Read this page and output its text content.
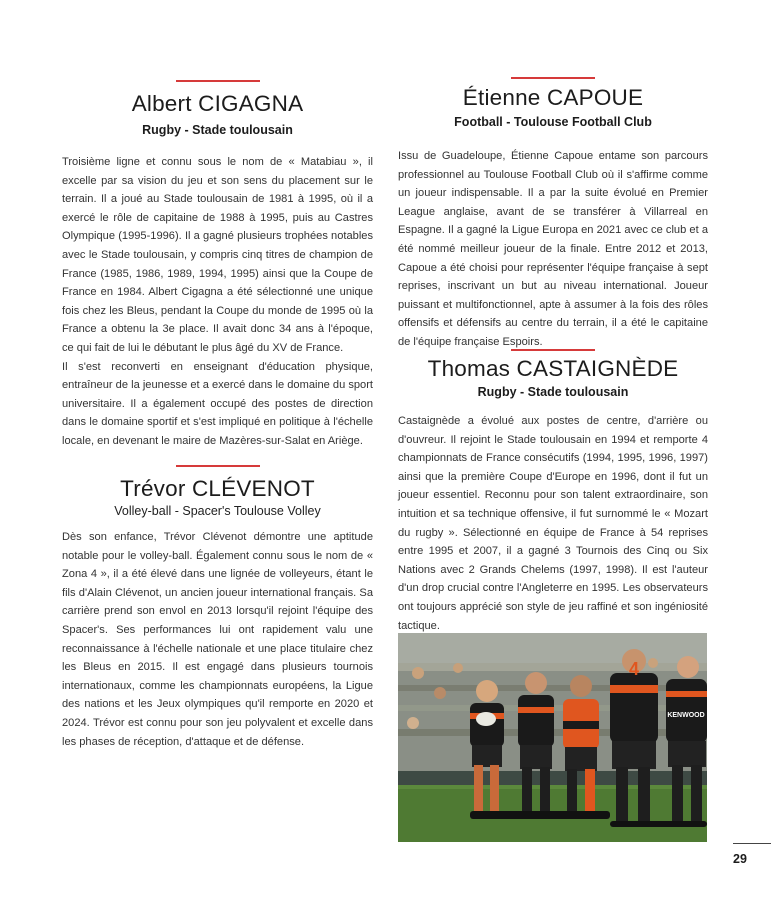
Albert CIGAGNA
Rugby - Stade toulousain

Troisième ligne et connu sous le nom de « Matabiau », il excelle par sa vision du jeu et son sens du placement sur le terrain. Il a joué au Stade toulousain de 1981 à 1995, où il a exercé le rôle de capitaine de 1988 à 1995, puis au Castres Olympique (1995-1996). Il a gagné plusieurs trophées notables avec le Stade toulousain, y compris cinq titres de champion de France (1985, 1986, 1989, 1994, 1995) ainsi que la Coupe de France en 1984. Albert Cigagna a été sélectionné une unique fois chez les Bleus, pendant la Coupe du monde de 1995 où la France a obtenu la 3e place. Il avait donc 34 ans à l'époque, ce qui fait de lui le débutant le plus âgé du XV de France.

Il s'est reconverti en enseignant d'éducation physique, entraîneur de la jeunesse et a exercé dans le domaine du sport universitaire. Il a également occupé des postes de direction dans le domaine sportif et s'est impliqué en politique à l'échelle locale, en devenant le maire de Mazères-sur-Salat en Ariège.

Trévor CLÉVENOT
Volley-ball - Spacer's Toulouse Volley

Dès son enfance, Trévor Clévenot démontre une aptitude notable pour le volley-ball. Également connu sous le nom de « Zona 4 », il a été élevé dans une lignée de volleyeurs, étant le fils d'Alain Clévenot, un ancien joueur international français. Sa carrière prend son envol en 2013 lorsqu'il rejoint l'équipe des Spacer's. Ses performances lui ont rapidement valu une reconnaissance à l'échelle nationale et une place titulaire chez les Bleus en 2015. Il est engagé dans plusieurs tournois internationaux, comme les championnats européens, la Ligue des nations et les Jeux olympiques qu'il remporte en 2020 et 2024. Trévor est connu pour son jeu polyvalent et excelle dans les phases de réception, d'attaque et de défense.

Étienne CAPOUE
Football - Toulouse Football Club

Issu de Guadeloupe, Étienne Capoue entame son parcours professionnel au Toulouse Football Club où il s'affirme comme un joueur indispensable. Il a par la suite évolué en Premier League anglaise, avant de se transférer à Villarreal en Espagne. Il a gagné la Ligue Europa en 2021 avec ce club et a été nommé meilleur joueur de la finale. Entre 2012 et 2013, Capoue a été choisi pour représenter l'équipe française à sept reprises, inscrivant un but au niveau international. Joueur puissant et multifonctionnel, apte à assumer à la fois des rôles offensifs et défensifs au centre du terrain, il a été le capitaine de l'équipe française Espoirs.

Thomas CASTAIGNÈDE
Rugby - Stade toulousain

Castaignède a évolué aux postes de centre, d'arrière ou d'ouvreur. Il rejoint le Stade toulousain en 1994 et remporte 4 championnats de France consécutifs (1994, 1995, 1996, 1997) ainsi que la première Coupe d'Europe en 1996, dont il fut un joueur essentiel. Reconnu pour son talent extraordinaire, son intuition et sa technique offensive, il fut surnommé le « Mozart du rugby ». Sélectionné en équipe de France à 54 reprises entre 1995 et 2007, il a gagné 3 Tournois des Cinq ou Six Nations avec 2 Grands Chelems (1997, 1998). Il est l'auteur d'un drop crucial contre l'Angleterre en 1995. Les observateurs ont toujours apprécié son style de jeu raffiné et son ingéniosité tactique.

4
KENWOOD
29
